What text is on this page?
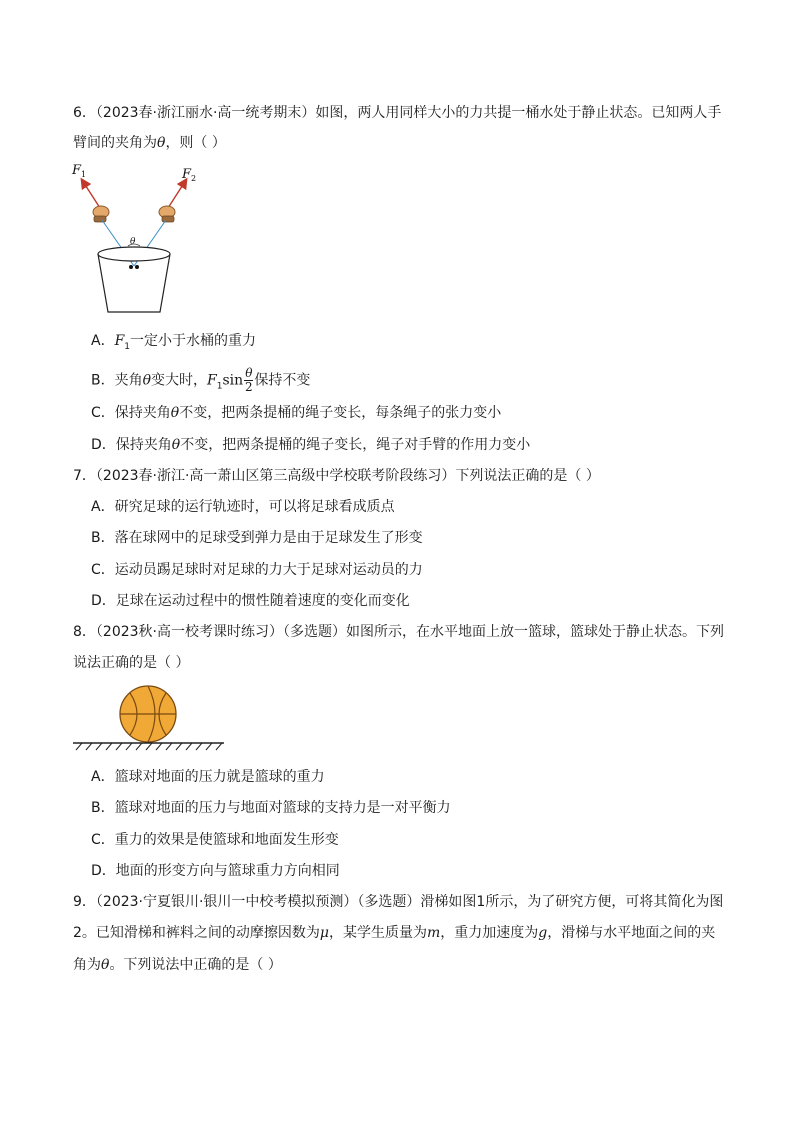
6．（2023春·浙江丽水·高一统考期末）如图，两人用同样大小的力共提一桶水处于静止状态。已知两人手
臂间的夹角为θ，则（ ）
F 1	F 2
θ
A．$F_1$一定小于水桶的重力
B．夹角θ变大时，$F_1\sin \frac{\theta}{2}$ 保持不变
C．保持夹角θ不变，把两条提桶的绳子变长，每条绳子的张力变小
D．保持夹角θ不变，把两条提桶的绳子变长，绳子对手臂的作用力变小
7．（2023春·浙江·高一萧山区第三高级中学校联考阶段练习）下列说法正确的是（ ）
A．研究足球的运行轨迹时，可以将足球看成质点
B．落在球网中的足球受到弹力是由于足球发生了形变
C．运动员踢足球时对足球的力大于足球对运动员的力
D．足球在运动过程中的惯性随着速度的变化而变化
8．（2023秋·高一校考课时练习）（多选题）如图所示，在水平地面上放一篮球，篮球处于静止状态。下列
说法正确的是（ ）
A．篮球对地面的压力就是篮球的重力
B．篮球对地面的压力与地面对篮球的支持力是一对平衡力
C．重力的效果是使篮球和地面发生形变
D．地面的形变方向与篮球重力方向相同
9．（2023·宁夏银川·银川一中校考模拟预测）（多选题）滑梯如图1所示，为了研究方便，可将其简化为图
2。已知滑梯和裤料之间的动摩擦因数为μ，某学生质量为m，重力加速度为g，滑梯与水平地面之间的夹
角为θ。下列说法中正确的是（ ）
